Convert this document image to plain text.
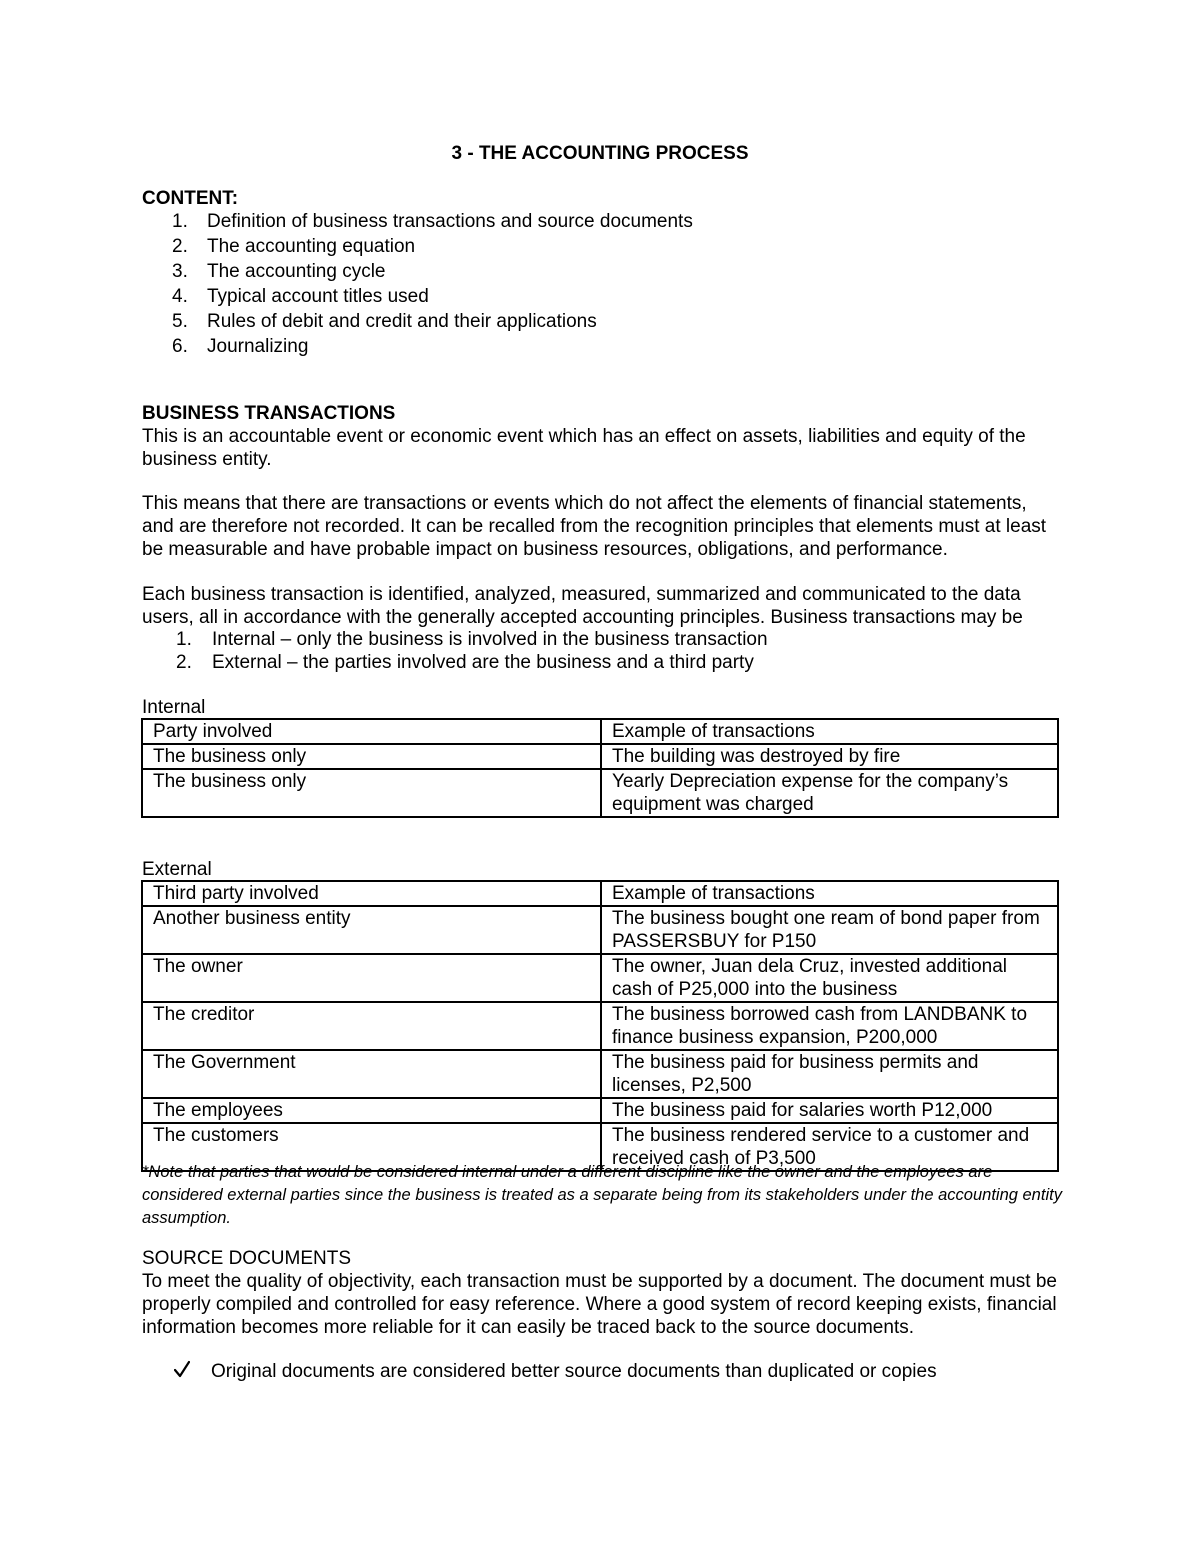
3 - THE ACCOUNTING PROCESS
CONTENT:
1. Definition of business transactions and source documents
2. The accounting equation
3. The accounting cycle
4. Typical account titles used
5. Rules of debit and credit and their applications
6. Journalizing
BUSINESS TRANSACTIONS
This is an accountable event or economic event which has an effect on assets, liabilities and equity of the business entity.
This means that there are transactions or events which do not affect the elements of financial statements, and are therefore not recorded. It can be recalled from the recognition principles that elements must at least be measurable and have probable impact on business resources, obligations, and performance.
Each business transaction is identified, analyzed, measured, summarized and communicated to the data users, all in accordance with the generally accepted accounting principles. Business transactions may be
1. Internal – only the business is involved in the business transaction
2. External – the parties involved are the business and a third party
Internal
Party involved	Example of transactions
The business only	The building was destroyed by fire
The business only	Yearly Depreciation expense for the company’s equipment was charged
External
Third party involved	Example of transactions
Another business entity	The business bought one ream of bond paper from PASSERSBUY for P150
The owner	The owner, Juan dela Cruz, invested additional cash of P25,000 into the business
The creditor	The business borrowed cash from LANDBANK to finance business expansion, P200,000
The Government	The business paid for business permits and licenses, P2,500
The employees	The business paid for salaries worth P12,000
The customers	The business rendered service to a customer and received cash of P3,500
*Note that parties that would be considered internal under a different discipline like the owner and the employees are considered external parties since the business is treated as a separate being from its stakeholders under the accounting entity assumption.
SOURCE DOCUMENTS
To meet the quality of objectivity, each transaction must be supported by a document. The document must be properly compiled and controlled for easy reference. Where a good system of record keeping exists, financial information becomes more reliable for it can easily be traced back to the source documents.
Original documents are considered better source documents than duplicated or copies
